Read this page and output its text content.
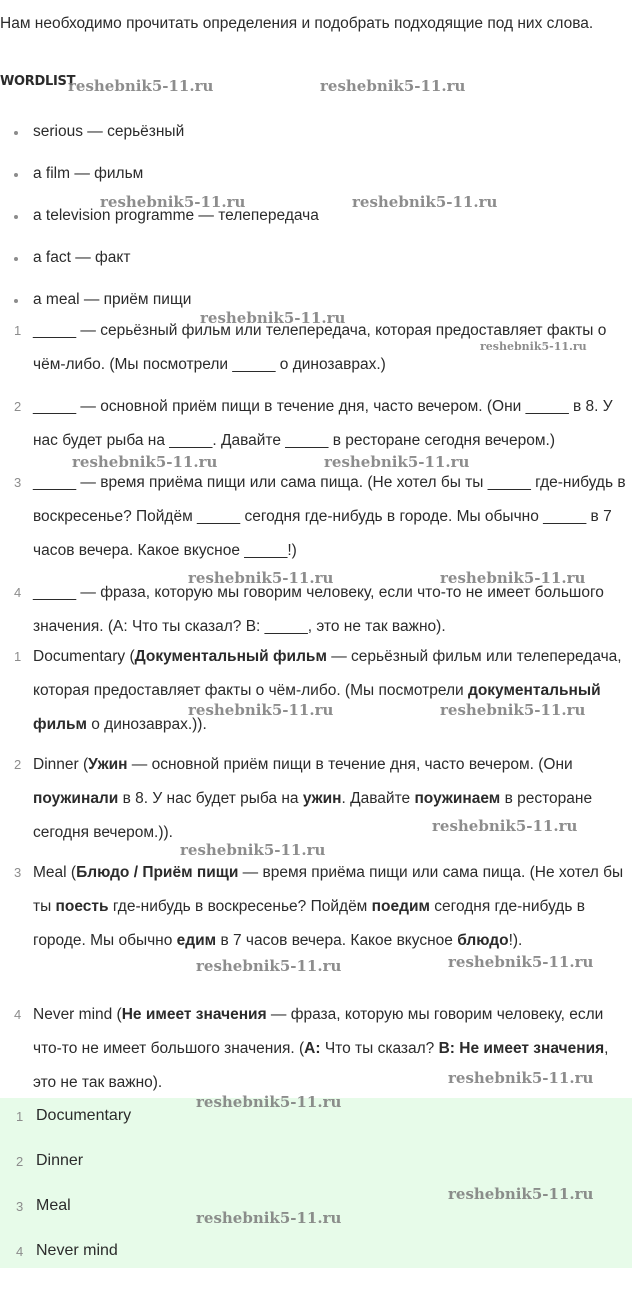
Нам необходимо прочитать определения и подобрать подходящие под них слова.

WORDLIST
serious — серьёзный
a film — фильм
a television programme — телепередача
a fact — факт
a meal — приём пищи
1 _____ — серьёзный фильм или телепередача, которая предоставляет факты о чём-либо. (Мы посмотрели _____ о динозаврах.)
2 _____ — основной приём пищи в течение дня, часто вечером. (Они _____ в 8. У нас будет рыба на _____. Давайте _____ в ресторане сегодня вечером.)
3 _____ — время приёма пищи или сама пища. (Не хотел бы ты _____ где-нибудь в воскресенье? Пойдём _____ сегодня где-нибудь в городе. Мы обычно _____ в 7 часов вечера. Какое вкусное _____!)
4 _____ — фраза, которую мы говорим человеку, если что-то не имеет большого значения. (А: Что ты сказал? В: _____, это не так важно).
1 Documentary (Документальный фильм — серьёзный фильм или телепередача, которая предоставляет факты о чём-либо. (Мы посмотрели документальный фильм о динозаврах.)).
2 Dinner (Ужин — основной приём пищи в течение дня, часто вечером. (Они поужинали в 8. У нас будет рыба на ужин. Давайте поужинаем в ресторане сегодня вечером.)).
3 Meal (Блюдо / Приём пищи — время приёма пищи или сама пища. (Не хотел бы ты поесть где-нибудь в воскресенье? Пойдём поедим сегодня где-нибудь в городе. Мы обычно едим в 7 часов вечера. Какое вкусное блюдо!).
4 Never mind (Не имеет значения — фраза, которую мы говорим человеку, если что-то не имеет большого значения. (А: Что ты сказал? В: Не имеет значения, это не так важно).
1 Documentary
2 Dinner
3 Meal
4 Never mind
reshebnik5-11.ru	reshebnik5-11.ru
reshebnik5-11.ru	reshebnik5-11.ru
reshebnik5-11.ru
reshebnik5-11.ru
reshebnik5-11.ru	reshebnik5-11.ru
reshebnik5-11.ru	reshebnik5-11.ru
reshebnik5-11.ru	reshebnik5-11.ru
reshebnik5-11.ru
reshebnik5-11.ru
reshebnik5-11.ru
reshebnik5-11.ru
reshebnik5-11.ru
reshebnik5-11.ru
reshebnik5-11.ru
reshebnik5-11.ru
